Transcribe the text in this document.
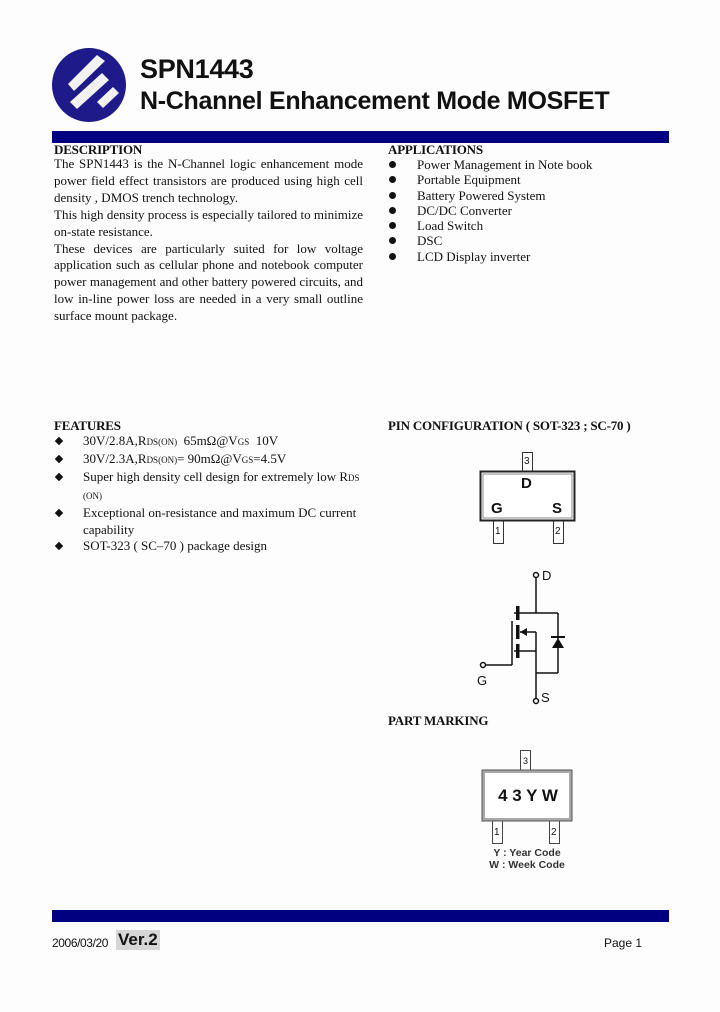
SPN1443
N-Channel Enhancement Mode MOSFET
DESCRIPTION

The SPN1443 is the N-Channel logic enhancement mode power field effect transistors are produced using high cell density , DMOS trench technology.

This high density process is especially tailored to minimize on-state resistance.

These devices are particularly suited for low voltage application such as cellular phone and notebook computer power management and other battery powered circuits, and low in-line power loss are needed in a very small outline surface mount package.

APPLICATIONS
Power Management in Note book
Portable Equipment
Battery Powered System
DC/DC Converter
Load Switch
DSC
LCD Display inverter
FEATURES
30V/2.8A,RDS(ON)  65mΩ@VGS  10V
30V/2.3A,RDS(ON)= 90mΩ@VGS=4.5V
Super high density cell design for extremely low RDS (ON)
Exceptional on-resistance and maximum DC current capability
SOT-323 ( SC–70 ) package design
PIN CONFIGURATION ( SOT-323 ; SC-70 )
3
1	2
D
G	S
D
G
S
PART MARKING
3
1	2
4 3 Y W
Y : Year Code
W : Week Code
2006/03/20 Ver.2	Page 1
